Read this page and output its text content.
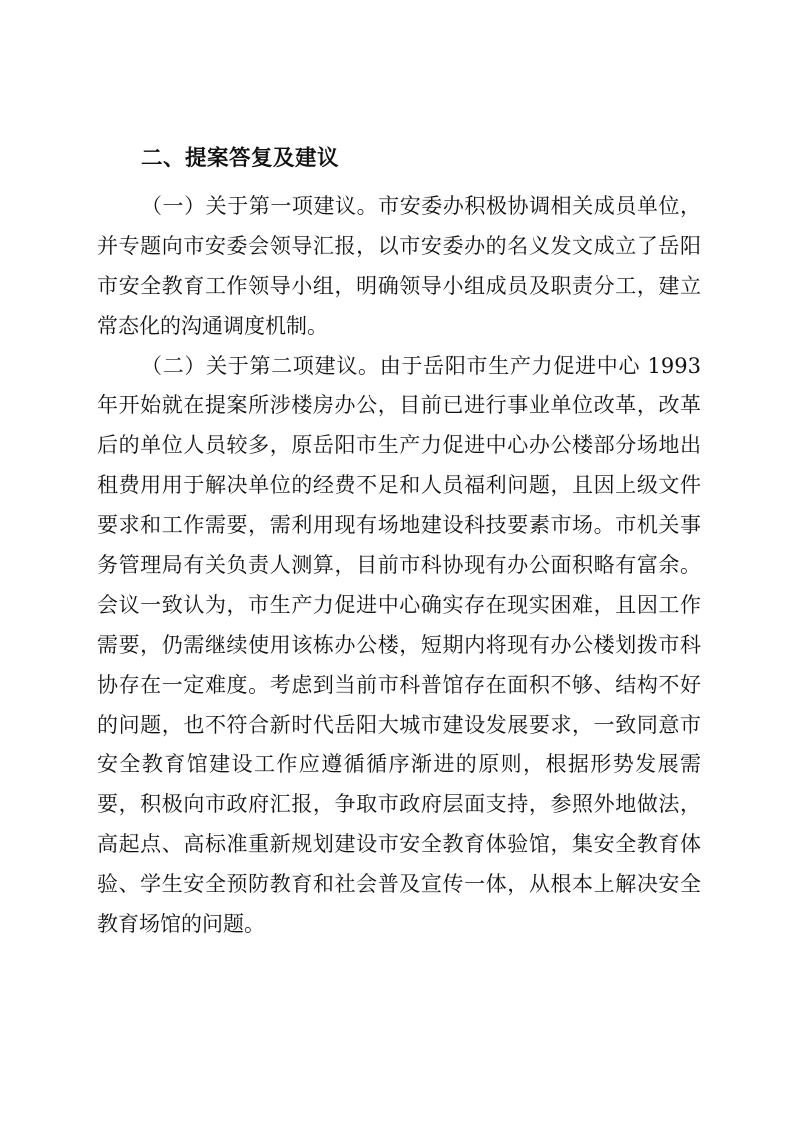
二、提案答复及建议

（一）关于第一项建议。市安委办积极协调相关成员单位，
并专题向市安委会领导汇报，以市安委办的名义发文成立了岳阳
市安全教育工作领导小组，明确领导小组成员及职责分工，建立
常态化的沟通调度机制。

（二）关于第二项建议。由于岳阳市生产力促进中心 1993
年开始就在提案所涉楼房办公，目前已进行事业单位改革，改革
后的单位人员较多，原岳阳市生产力促进中心办公楼部分场地出
租费用用于解决单位的经费不足和人员福利问题，且因上级文件
要求和工作需要，需利用现有场地建设科技要素市场。市机关事
务管理局有关负责人测算，目前市科协现有办公面积略有富余。
会议一致认为，市生产力促进中心确实存在现实困难，且因工作
需要，仍需继续使用该栋办公楼，短期内将现有办公楼划拨市科
协存在一定难度。考虑到当前市科普馆存在面积不够、结构不好
的问题，也不符合新时代岳阳大城市建设发展要求，一致同意市
安全教育馆建设工作应遵循循序渐进的原则，根据形势发展需
要，积极向市政府汇报，争取市政府层面支持，参照外地做法，
高起点、高标准重新规划建设市安全教育体验馆，集安全教育体
验、学生安全预防教育和社会普及宣传一体，从根本上解决安全
教育场馆的问题。
